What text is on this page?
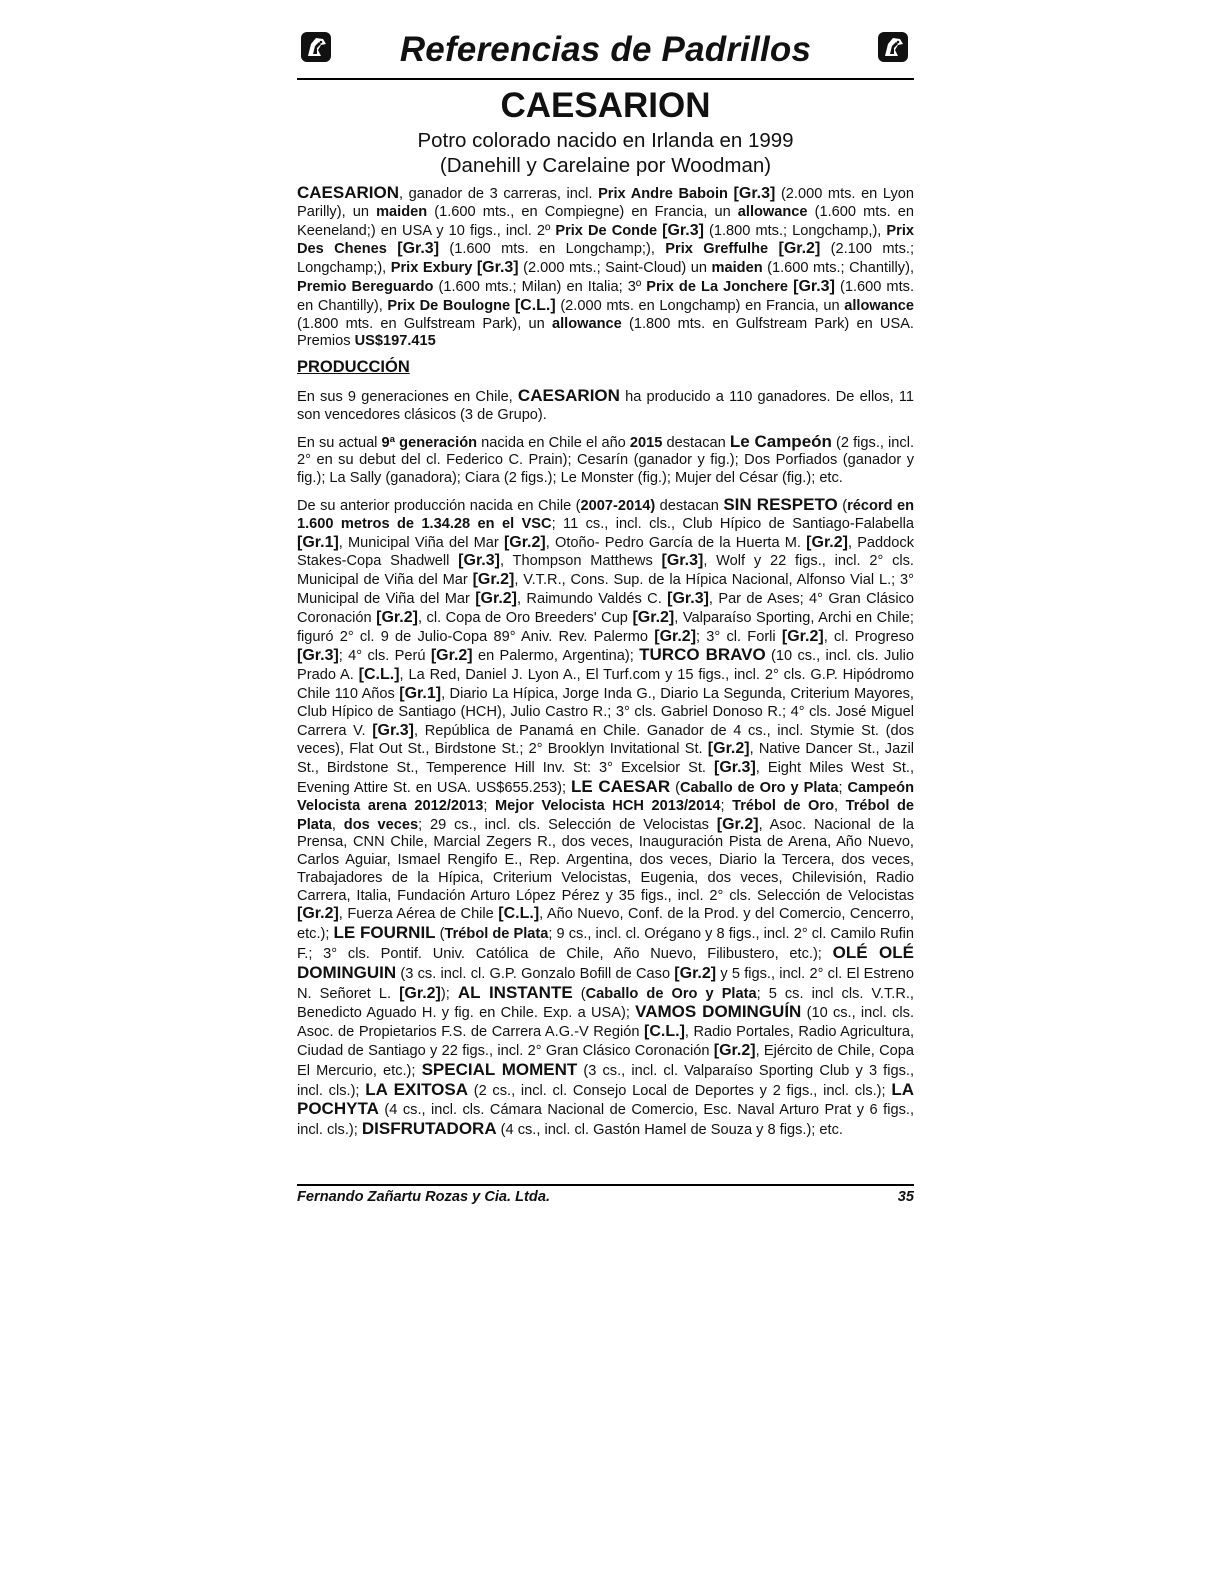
Referencias de Padrillos
CAESARION
Potro colorado nacido en Irlanda en 1999
(Danehill y Carelaine por Woodman)

CAESARION, ganador de 3 carreras, incl. Prix Andre Baboin [Gr.3] (2.000 mts. en Lyon Parilly), un maiden (1.600 mts., en Compiegne) en Francia, un allowance (1.600 mts. en Keeneland;) en USA y 10 figs., incl. 2º Prix De Conde [Gr.3] (1.800 mts.; Longchamp,), Prix Des Chenes [Gr.3] (1.600 mts. en Longchamp;), Prix Greffulhe [Gr.2] (2.100 mts.; Longchamp;), Prix Exbury [Gr.3] (2.000 mts.; Saint-Cloud) un maiden (1.600 mts.; Chantilly), Premio Bereguardo (1.600 mts.; Milan) en Italia; 3º Prix de La Jonchere [Gr.3] (1.600 mts. en Chantilly), Prix De Boulogne [C.L.] (2.000 mts. en Longchamp) en Francia, un allowance (1.800 mts. en Gulfstream Park), un allowance (1.800 mts. en Gulfstream Park) en USA. Premios US$197.415

PRODUCCIÓN

En sus 9 generaciones en Chile, CAESARION ha producido a 110 ganadores. De ellos, 11 son vencedores clásicos (3 de Grupo).

En su actual 9ª generación nacida en Chile el año 2015 destacan Le Campeón (2 figs., incl. 2° en su debut del cl. Federico C. Prain); Cesarín (ganador y fig.); Dos Porfiados (ganador y fig.); La Sally (ganadora); Ciara (2 figs.); Le Monster (fig.); Mujer del César (fig.); etc.

De su anterior producción nacida en Chile (2007-2014) destacan SIN RESPETO (récord en 1.600 metros de 1.34.28 en el VSC; 11 cs., incl. cls., Club Hípico de Santiago-Falabella [Gr.1], Municipal Viña del Mar [Gr.2], Otoño- Pedro García de la Huerta M. [Gr.2], Paddock Stakes-Copa Shadwell [Gr.3], Thompson Matthews [Gr.3], Wolf y 22 figs., incl. 2° cls. Municipal de Viña del Mar [Gr.2], V.T.R., Cons. Sup. de la Hípica Nacional, Alfonso Vial L.; 3° Municipal de Viña del Mar [Gr.2], Raimundo Valdés C. [Gr.3], Par de Ases; 4° Gran Clásico Coronación [Gr.2], cl. Copa de Oro Breeders' Cup [Gr.2], Valparaíso Sporting, Archi en Chile; figuró 2° cl. 9 de Julio-Copa 89° Aniv. Rev. Palermo [Gr.2]; 3° cl. Forli [Gr.2], cl. Progreso [Gr.3]; 4° cls. Perú [Gr.2] en Palermo, Argentina); TURCO BRAVO (10 cs., incl. cls. Julio Prado A. [C.L.], La Red, Daniel J. Lyon A., El Turf.com y 15 figs., incl. 2° cls. G.P. Hipódromo Chile 110 Años [Gr.1], Diario La Hípica, Jorge Inda G., Diario La Segunda, Criterium Mayores, Club Hípico de Santiago (HCH), Julio Castro R.; 3° cls. Gabriel Donoso R.; 4° cls. José Miguel Carrera V. [Gr.3], República de Panamá en Chile. Ganador de 4 cs., incl. Stymie St. (dos veces), Flat Out St., Birdstone St.; 2° Brooklyn Invitational St. [Gr.2], Native Dancer St., Jazil St., Birdstone St., Temperence Hill Inv. St: 3° Excelsior St. [Gr.3], Eight Miles West St., Evening Attire St. en USA. US$655.253); LE CAESAR (Caballo de Oro y Plata; Campeón Velocista arena 2012/2013; Mejor Velocista HCH 2013/2014; Trébol de Oro, Trébol de Plata, dos veces; 29 cs., incl. cls. Selección de Velocistas [Gr.2], Asoc. Nacional de la Prensa, CNN Chile, Marcial Zegers R., dos veces, Inauguración Pista de Arena, Año Nuevo, Carlos Aguiar, Ismael Rengifo E., Rep. Argentina, dos veces, Diario la Tercera, dos veces, Trabajadores de la Hípica, Criterium Velocistas, Eugenia, dos veces, Chilevisión, Radio Carrera, Italia, Fundación Arturo López Pérez y 35 figs., incl. 2° cls. Selección de Velocistas [Gr.2], Fuerza Aérea de Chile [C.L.], Año Nuevo, Conf. de la Prod. y del Comercio, Cencerro, etc.); LE FOURNIL (Trébol de Plata; 9 cs., incl. cl. Orégano y 8 figs., incl. 2° cl. Camilo Rufin F.; 3° cls. Pontif. Univ. Católica de Chile, Año Nuevo, Filibustero, etc.); OLÉ OLÉ DOMINGUIN (3 cs. incl. cl. G.P. Gonzalo Bofill de Caso [Gr.2] y 5 figs., incl. 2° cl. El Estreno N. Señoret L. [Gr.2]); AL INSTANTE (Caballo de Oro y Plata; 5 cs. incl cls. V.T.R., Benedicto Aguado H. y fig. en Chile. Exp. a USA); VAMOS DOMINGUÍN (10 cs., incl. cls. Asoc. de Propietarios F.S. de Carrera A.G.-V Región [C.L.], Radio Portales, Radio Agricultura, Ciudad de Santiago y 22 figs., incl. 2° Gran Clásico Coronación [Gr.2], Ejército de Chile, Copa El Mercurio, etc.); SPECIAL MOMENT (3 cs., incl. cl. Valparaíso Sporting Club y 3 figs., incl. cls.); LA EXITOSA (2 cs., incl. cl. Consejo Local de Deportes y 2 figs., incl. cls.); LA POCHYTA (4 cs., incl. cls. Cámara Nacional de Comercio, Esc. Naval Arturo Prat y 6 figs., incl. cls.); DISFRUTADORA (4 cs., incl. cl. Gastón Hamel de Souza y 8 figs.); etc.

Fernando Zañartu Rozas y Cia. Ltda.	35
